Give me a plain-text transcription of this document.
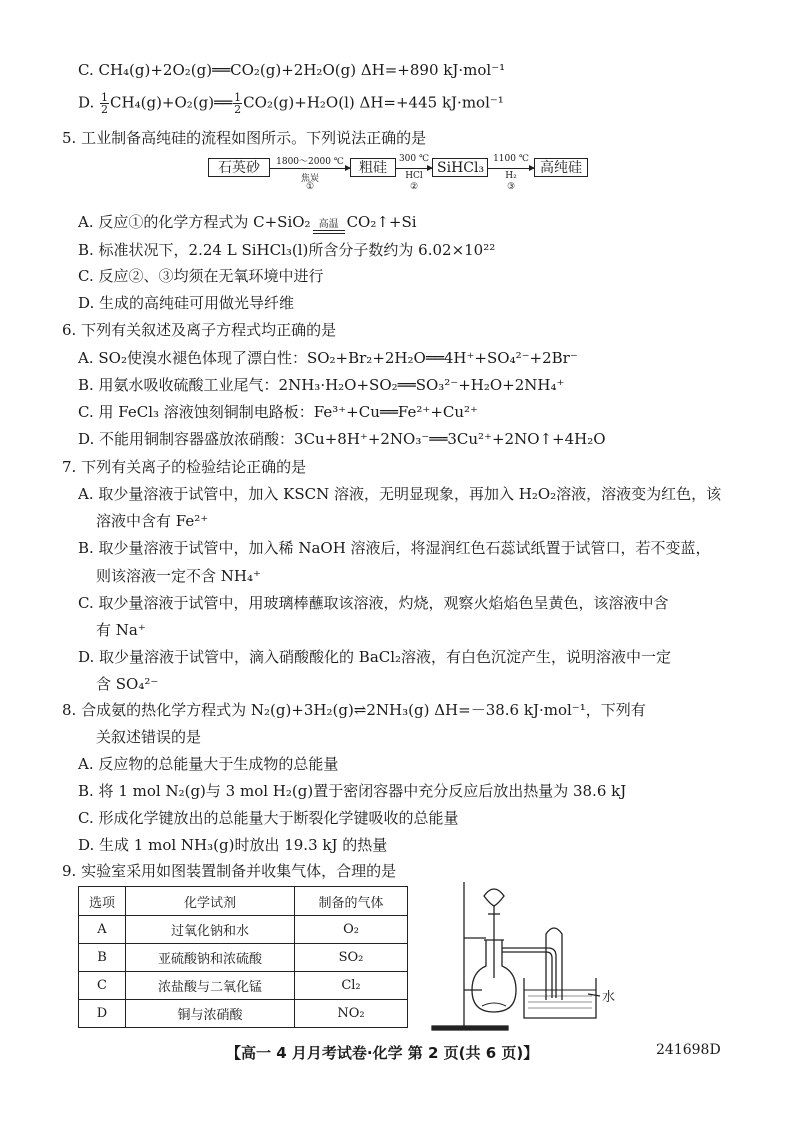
C. CH₄(g)+2O₂(g)══CO₂(g)+2H₂O(g) ΔH=+890 kJ·mol⁻¹
D. $\frac{1}{2}$ CH₄(g)+O₂(g)══ $\frac{1}{2} CO_2(g)+H_2O(l)$ ΔH=+445 kJ·mol⁻¹
5. 工业制备高纯硅的流程如图所示。下列说法正确的是
石英砂	1800～2000 ℃
焦炭
①
粗硅
300 ℃
HCl
②
SiHCl₃
1100 ℃
H₂
③
高纯硅
A. 反应①的化学方程式为 C+SiO₂ 高温 CO₂↑+Si
B. 标准状况下，2.24 L SiHCl₃(l)所含分子数约为 6.02×10²²
C. 反应②、③均须在无氧环境中进行
D. 生成的高纯硅可用做光导纤维
6. 下列有关叙述及离子方程式均正确的是
A. SO₂使溴水褪色体现了漂白性：SO₂+Br₂+2H₂O══4H⁺+SO₄²⁻+2Br⁻
B. 用氨水吸收硫酸工业尾气：2NH₃·H₂O+SO₂══SO₃²⁻+H₂O+2NH₄⁺
C. 用 FeCl₃ 溶液蚀刻铜制电路板：Fe³⁺+Cu══Fe²⁺+Cu²⁺
D. 不能用铜制容器盛放浓硝酸：3Cu+8H⁺+2NO₃⁻══3Cu²⁺+2NO↑+4H₂O
7. 下列有关离子的检验结论正确的是
A. 取少量溶液于试管中，加入 KSCN 溶液，无明显现象，再加入 H₂O₂溶液，溶液变为红色，该
溶液中含有 Fe²⁺
B. 取少量溶液于试管中，加入稀 NaOH 溶液后，将湿润红色石蕊试纸置于试管口，若不变蓝，
则该溶液一定不含 NH₄⁺
C. 取少量溶液于试管中，用玻璃棒蘸取该溶液，灼烧，观察火焰焰色呈黄色，该溶液中含
有 Na⁺
D. 取少量溶液于试管中，滴入硝酸酸化的 BaCl₂溶液，有白色沉淀产生，说明溶液中一定
含 SO₄²⁻
8. 合成氨的热化学方程式为 N₂(g)+3H₂(g)⇌2NH₃(g) ΔH=－38.6 kJ·mol⁻¹，下列有
关叙述错误的是
A. 反应物的总能量大于生成物的总能量
B. 将 1 mol N₂(g)与 3 mol H₂(g)置于密闭容器中充分反应后放出热量为 38.6 kJ
C. 形成化学键放出的总能量大于断裂化学键吸收的总能量
D. 生成 1 mol NH₃(g)时放出 19.3 kJ 的热量
9. 实验室采用如图装置制备并收集气体，合理的是
选项	化学试剂	制备的气体
A	过氧化钠和水	O₂
B	亚硫酸钠和浓硫酸	SO₂
C	浓盐酸与二氧化锰	Cl₂
D	铜与浓硝酸	NO₂
水
【高一 4 月月考试卷·化学 第 2 页(共 6 页)】	241698D
